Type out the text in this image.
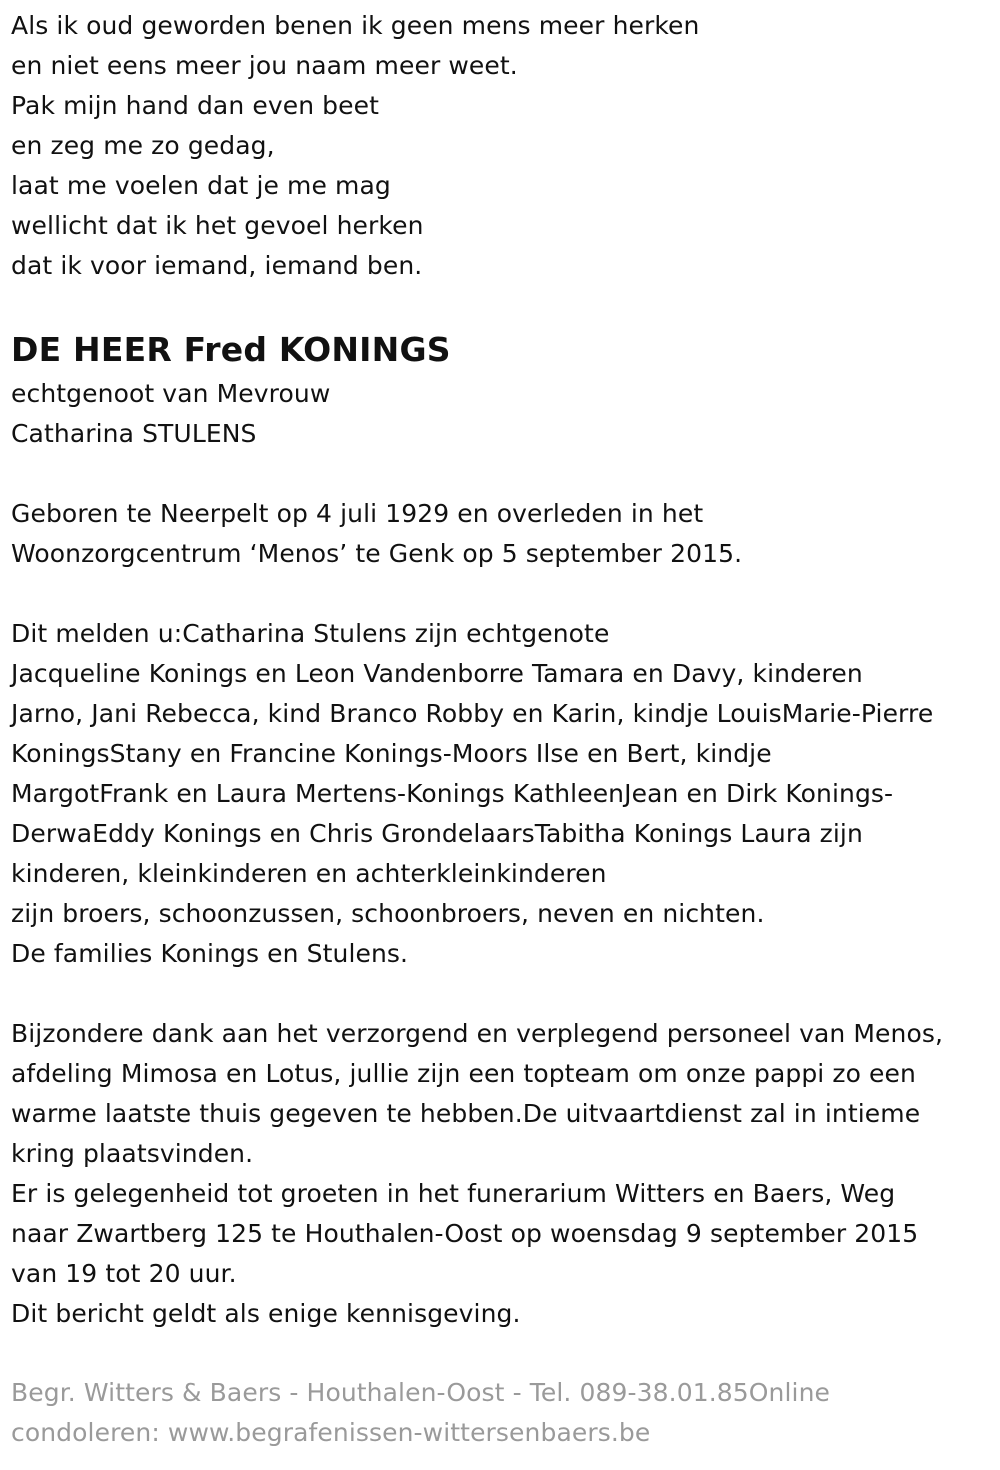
Als ik oud geworden benen ik geen mens meer herken
en niet eens meer jou naam meer weet.
Pak mijn hand dan even beet
en zeg me zo gedag,
laat me voelen dat je me mag
wellicht dat ik het gevoel herken
dat ik voor iemand, iemand ben.
DE HEER Fred KONINGS
echtgenoot van Mevrouw
Catharina STULENS
Geboren te Neerpelt op 4 juli 1929 en overleden in het
Woonzorgcentrum ‘Menos’ te Genk op 5 september 2015.
Dit melden u:Catharina Stulens zijn echtgenote
Jacqueline Konings en Leon Vandenborre Tamara en Davy, kinderen
Jarno, Jani Rebecca, kind Branco Robby en Karin, kindje LouisMarie-Pierre
KoningsStany en Francine Konings-Moors Ilse en Bert, kindje
MargotFrank en Laura Mertens-Konings KathleenJean en Dirk Konings-
DerwaEddy Konings en Chris GrondelaarsTabitha Konings Laura zijn
kinderen, kleinkinderen en achterkleinkinderen
zijn broers, schoonzussen, schoonbroers, neven en nichten.
De families Konings en Stulens.
Bijzondere dank aan het verzorgend en verplegend personeel van Menos,
afdeling Mimosa en Lotus, jullie zijn een topteam om onze pappi zo een
warme laatste thuis gegeven te hebben.De uitvaartdienst zal in intieme
kring plaatsvinden.
Er is gelegenheid tot groeten in het funerarium Witters en Baers, Weg
naar Zwartberg 125 te Houthalen-Oost op woensdag 9 september 2015
van 19 tot 20 uur.
Dit bericht geldt als enige kennisgeving.
Begr. Witters & Baers - Houthalen-Oost - Tel. 089-38.01.85Online
condoleren: www.begrafenissen-wittersenbaers.be
